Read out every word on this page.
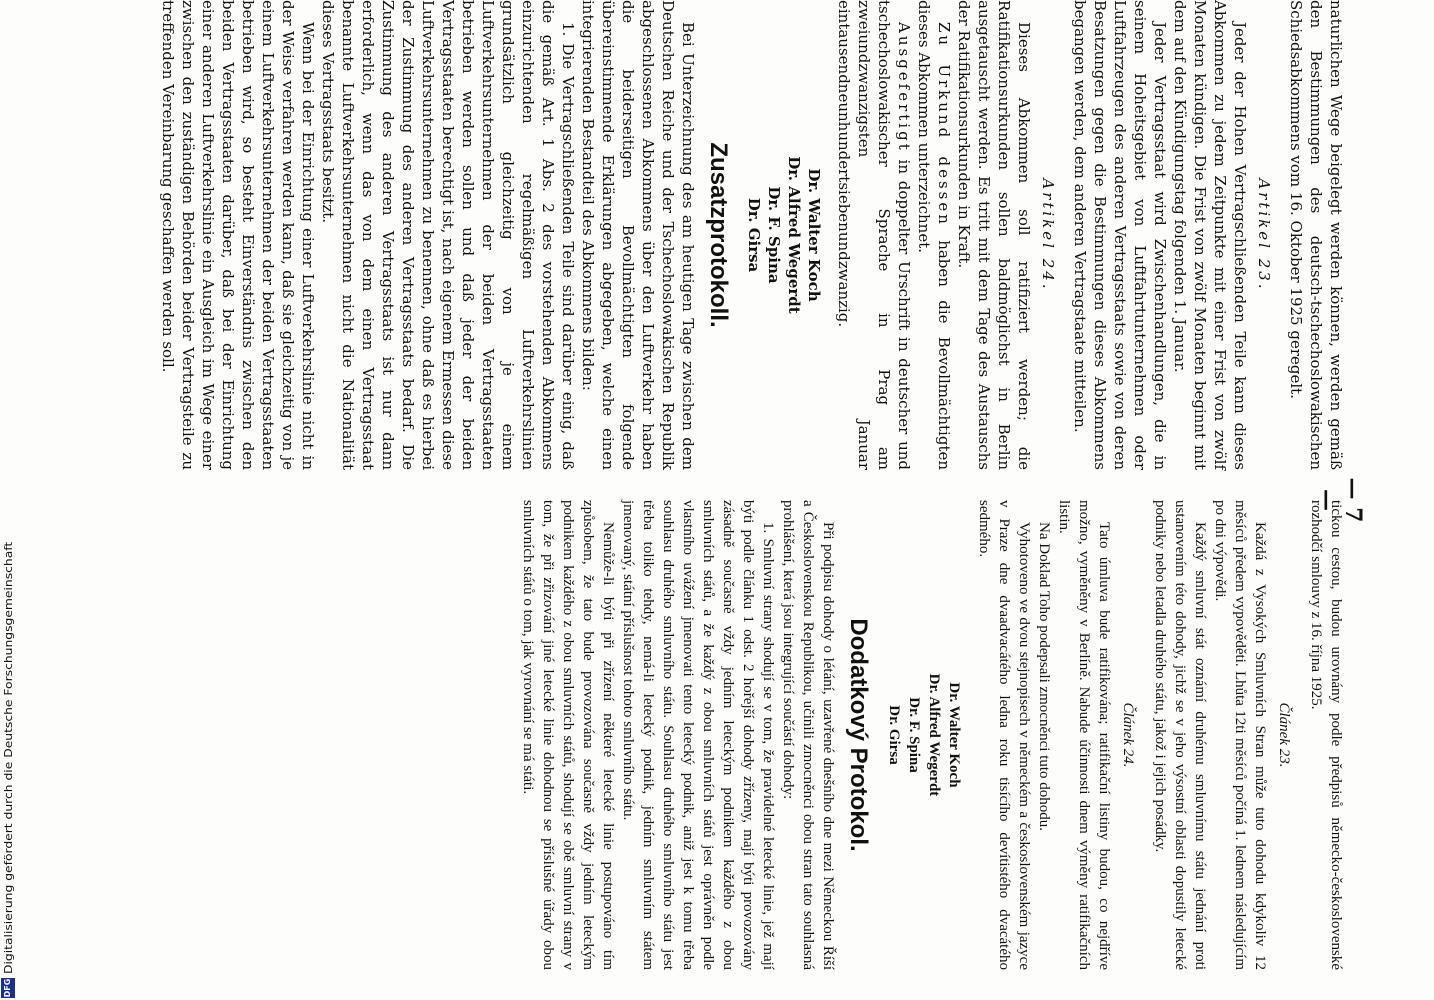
— 7 —

naturlichen Wege beigelegt werden können, werden gemäß den Bestimmungen des deutsch-tschechoslowakischen Schiedsabkommens vom 16. Oktober 1925 geregelt.

Artikel 23.

Jeder der Hohen Vertragschließenden Teile kann dieses Abkommen zu jedem Zeitpunkte mit einer Frist von zwölf Monaten kündigen. Die Frist von zwölf Monaten beginnt mit dem auf den Kündigungstag folgenden 1. Januar.

Jeder Vertragsstaat wird Zwischenhandlungen, die in seinem Hoheitsgebiet von Luftfahrtunternehmen oder Luftfahrzeugen des anderen Vertragsstaats sowie von deren Besatzungen gegen die Bestimmungen dieses Abkommens begangen werden, dem anderen Vertragstaate mitteilen.

Artikel 24.

Dieses Abkommen soll ratifiziert werden; die Ratifikationsurkunden sollen baldmöglichst in Berlin ausgetauscht werden. Es tritt mit dem Tage des Austauschs der Ratifikationsurkunden in Kraft.

Zu Urkund dessen haben die Bevollmächtigten dieses Abkommen unterzeichnet.

Ausgefertigt in doppelter Urschrift in deutscher und tschechoslowakischer Sprache in Prag am zweiundzwanzigsten Januar eintausendneunhundertsiebenundzwanzig.

Dr. Walter Koch
Dr. Alfred Wegerdt
Dr. F. Spina
Dr. Girsa
Zusatzprotokoll.

Bei Unterzeichnung des am heutigen Tage zwischen dem Deutschen Reiche und der Tschechoslowakischen Republik abgeschlossenen Abkommens über den Luftverkehr haben die beiderseitigen Bevollmächtigten folgende übereinstimmende Erklärungen abgegeben, welche einen integrierenden Bestandteil des Abkommens bilden:

1. Die Vertragschließenden Teile sind darüber einig, daß die gemäß Art. 1 Abs. 2 des vorstehenden Abkommens einzurichtenden regelmäßigen Luftverkehrslinien grundsätzlich gleichzeitig von je einem Luftverkehrsunternehmen der beiden Vertragsstaaten betrieben werden sollen und daß jeder der beiden Vertragsstaaten berechtigt ist, nach eigenem Ermessen diese Luftverkehrsunternehmen zu benennen, ohne daß es hierbei der Zustimmung des anderen Vertragsstaats bedarf. Die Zustimmung des anderen Vertragsstaats ist nur dann erforderlich, wenn das von dem einen Vertragsstaat benannte Luftverkehrsunternehmen nicht die Nationalität dieses Vertragsstaats besitzt.

Wenn bei der Einrichtung einer Luftverkehrslinie nicht in der Weise verfahren werden kann, daß sie gleichzeitig von je einem Luftverkehrsunternehmen der beiden Vertragsstaaten betrieben wird, so besteht Einverständnis zwischen den beiden Vertragsstaaten darüber, daß bei der Einrichtung einer anderen Luftverkehrslinie ein Ausgleich im Wege einer zwischen den zuständigen Behörden beider Vertragsteile zu treffenden Vereinbarung geschaffen werden soll.

tickou cestou, budou urovnány podle předpisů německo-československé rozhodčí smlouvy z 16. října 1925.

Článek 23.

Každá z Vysokých Smluvních Stran může tuto dohodu kdykoliv 12 měsíců předem vypověděti. Lhůta 12ti měsíců počíná 1. lednem následujícím po dni výpovědi.

Každý smluvní stát oznámí druhému smluvnímu státu jednání proti ustanovením této dohody, jichž se v jeho výsostní oblasti dopustily letecké podniky nebo letadla druhého státu, jakož i jejich posádky.

Článek 24.

Tato úmluva bude ratifikována; ratifikační listiny budou, co nejdříve možno, vyměněny v Berlíně. Nabude účinnosti dnem výměny ratifikačních listin.

Na Doklad Toho podepsali zmocněnci tuto dohodu.

Vyhotoveno ve dvou stejnopisech v německém a československém jazyce v Praze dne dvaadvacátého ledna roku tisícího devítistého dvacátého sedmého.

Dr. Walter Koch
Dr. Alfred Wegerdt
Dr. F. Spina
Dr. Girsa
Dodatkový Protokol.

Při podpisu dohody o létání, uzavřené dnešního dne mezi Německou Říší a Československou Republikou, učinili zmocněnci obou stran tato souhlasná prohlášení, která jsou integrující součástí dohody:

1. Smluvní strany shodují se v tom, že pravidelné letecké linie, jež mají býti podle článku 1 odst. 2 hořejší dohody zřízeny, mají býti provozovány zásadně současně vždy jedním leteckým podnikem každého z obou smluvních států, a že každý z obou smluvních států jest oprávněn podle vlastního uvážení jmenovati tento letecký podnik, aniž jest k tomu třeba souhlasu druhého smluvního státu. Souhlasu druhého smluvního státu jest třeba toliko tehdy, nemá-li letecký podnik, jedním smluvním státem jmenovaný, státní příslušnost tohoto smluvního státu.

Nemůže-li býti při zřízení některé letecké linie postupováno tím způsobem, že tato bude provozována současně vždy jedním leteckým podnikem každého z obou smluvních států, shodují se obě smluvní strany v tom, že při zřizování jiné letecké linie dohodnou se příslušné úřady obou smluvních států o tom, jak vyrovnání se má státi.

DFG
Digitalisierung gefördert durch die Deutsche Forschungsgemeinschaft
